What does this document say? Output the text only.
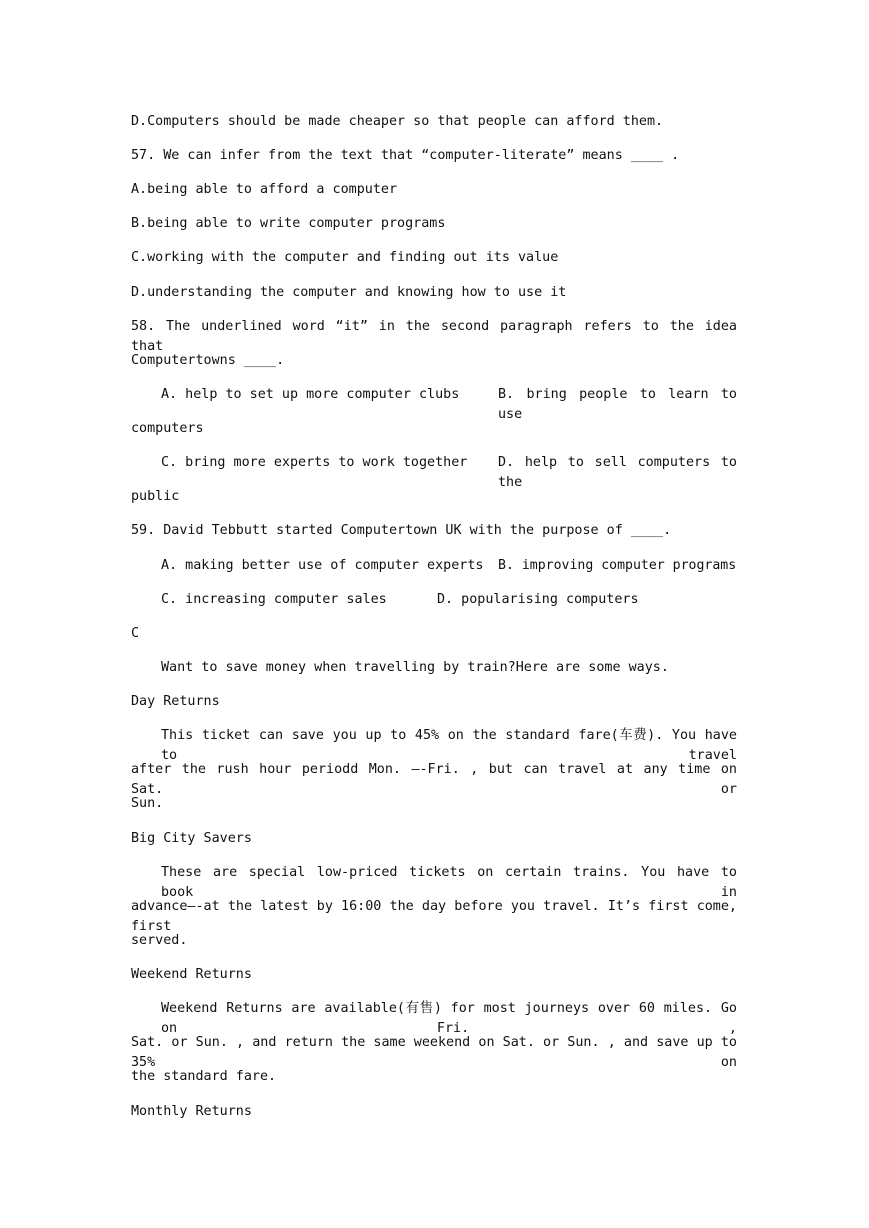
D.Computers should be made cheaper so that people can afford them.
57. We can infer from the text that “computer-literate” means ____ .
A.being able to afford a computer
B.being able to write computer programs
C.working with the computer and finding out its value
D.understanding the computer and knowing how to use it
58. The underlined word “it” in the second paragraph refers to the idea that
Computertowns ____.
A. help to set up more computer clubs	B. bring people to learn to use
computers
C. bring more experts to work together D. help to sell computers to the
public
59. David Tebbutt started Computertown UK with the purpose of ____.
A. making better use of computer experts B. improving computer programs
C. increasing computer sales	D. popularising computers
C
Want to save money when travelling by train?Here are some ways.
Day Returns
This ticket can save you up to 45% on the standard fare(车费). You have to travel
after the rush hour periodd Mon. —-Fri. , but can travel at any time on Sat. or
Sun.
Big City Savers
These are special low-priced tickets on certain trains. You have to book in
advance—-at the latest by 16:00 the day before you travel. It’s first come, first
served.
Weekend Returns
Weekend Returns are available(有售) for most journeys over 60 miles. Go on Fri. ,
Sat. or Sun. , and return the same weekend on Sat. or Sun. , and save up to 35% on
the standard fare.
Monthly Returns
